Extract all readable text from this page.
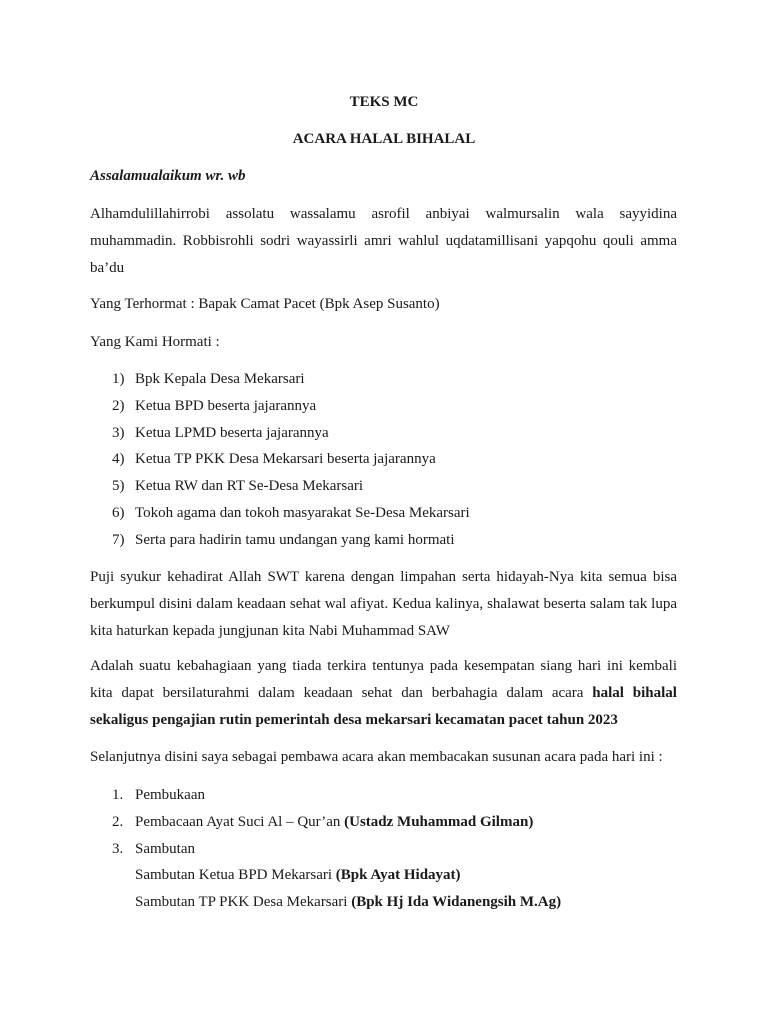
TEKS MC
ACARA HALAL BIHALAL
Assalamualaikum wr. wb
Alhamdulillahirrobi assolatu wassalamu asrofil anbiyai walmursalin wala sayyidina muhammadin. Robbisrohli sodri wayassirli amri wahlul uqdatamillisani yapqohu qouli amma ba’du
Yang Terhormat : Bapak Camat Pacet (Bpk Asep Susanto)
Yang Kami Hormati :
1) Bpk Kepala Desa Mekarsari
2) Ketua BPD beserta jajarannya
3) Ketua LPMD beserta jajarannya
4) Ketua TP PKK Desa Mekarsari beserta jajarannya
5) Ketua RW dan RT Se-Desa Mekarsari
6) Tokoh agama dan tokoh masyarakat Se-Desa Mekarsari
7) Serta para hadirin tamu undangan yang kami hormati
Puji syukur kehadirat Allah SWT karena dengan limpahan serta hidayah-Nya kita semua bisa berkumpul disini dalam keadaan sehat wal afiyat. Kedua kalinya, shalawat beserta salam tak lupa kita haturkan kepada jungjunan kita Nabi Muhammad SAW
Adalah suatu kebahagiaan yang tiada terkira tentunya pada kesempatan siang hari ini kembali kita dapat bersilaturahmi dalam keadaan sehat dan berbahagia dalam acara halal bihalal sekaligus pengajian rutin pemerintah desa mekarsari kecamatan pacet tahun 2023
Selanjutnya disini saya sebagai pembawa acara akan membacakan susunan acara pada hari ini :
1. Pembukaan
2. Pembacaan Ayat Suci Al – Qur’an (Ustadz Muhammad Gilman)
3. Sambutan
Sambutan Ketua BPD Mekarsari (Bpk Ayat Hidayat)
Sambutan TP PKK Desa Mekarsari (Bpk Hj Ida Widanengsih M.Ag)
